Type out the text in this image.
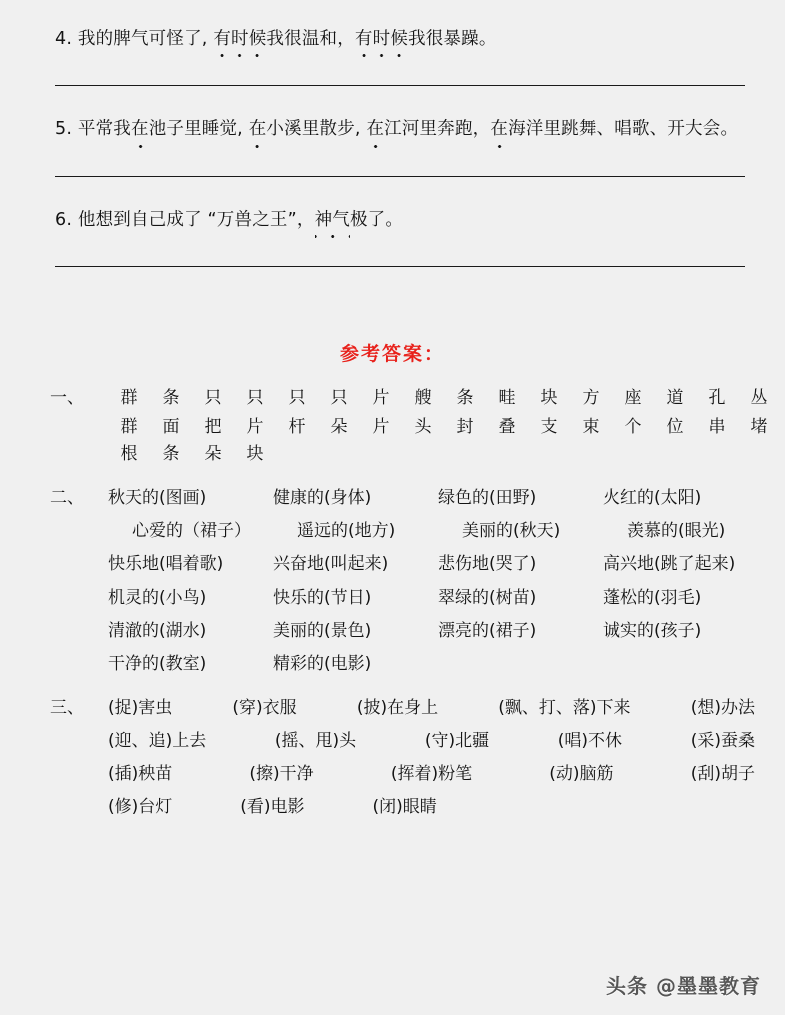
4. 我的脾气可怪了, 有时候我很温和，有时候我很暴躁。
5. 平常我在池子里睡觉, 在小溪里散步, 在江河里奔跑，在海洋里跳舞、唱歌、开大会。
6. 他想到自己成了 “万兽之王”，神气极了。
参考答案：
一、	群	条	只	只	只	只	片	艘	条	畦	块	方	座	道	孔	丛
群	面	把	片	杆	朵	片	头	封	叠	支	束	个	位	串	堵
根	条	朵	块
二、	秋天的(图画)	健康的(身体)	绿色的(田野)	火红的(太阳)
心爱的（裙子）	遥远的(地方)	美丽的(秋天)	羡慕的(眼光)
快乐地(唱着歌)	兴奋地(叫起来)	悲伤地(哭了)	高兴地(跳了起来)
机灵的(小鸟)	快乐的(节日)	翠绿的(树苗)	蓬松的(羽毛)
清澈的(湖水)	美丽的(景色)	漂亮的(裙子)	诚实的(孩子)
干净的(教室)	精彩的(电影)
三、	(捉)害虫	(穿)衣服	(披)在身上	(飘、打、落)下来	(想)办法
(迎、追)上去	(摇、甩)头	(守)北疆	(唱)不休	(采)蚕桑
(插)秧苗	(擦)干净	(挥着)粉笔	(动)脑筋	(刮)胡子
(修)台灯	(看)电影	(闭)眼睛
头条 @墨墨教育
